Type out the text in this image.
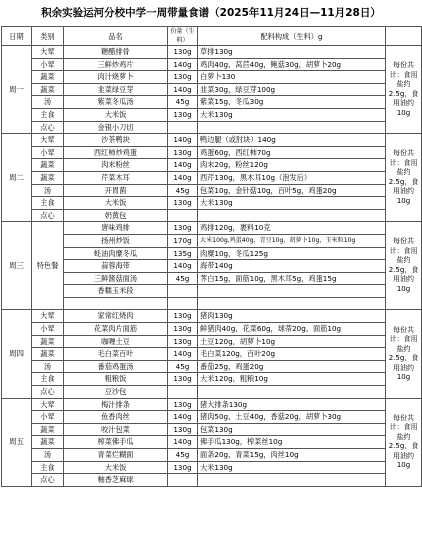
积余实验运河分校中学一周带量食谱（2025年11月24日—11月28日）
日期	类别	品名	份量（生料）	配料构成（生料）g	
周一	大荤	糖醋排骨	130g	草排130g	每份共计：食用盐约2.5g，食用油约10g
	小荤	三鲜炒鸡片	140g	鸡肉40g，莴苣40g，鲍菇30g，胡萝卜20g	
	蔬菜	肉汁烧萝卜	130g	白萝卜130	
	蔬菜	韭菜绿豆芽	140g	韭菜30g，绿豆芽100g	
	汤	紫菜冬瓜汤	45g	紫菜15g，冬瓜30g	
	主食	大米饭	130g	大米130g	
	点心	金银小刀切			
周二	大荤	沙茶鸭块	140g	鸭边腿（或肘块）140g	每份共计：食用盐约2.5g，食用油约10g
	小荤	西红柿炒鸡蛋	130g	鸡蛋60g，西红柿70g	
	蔬菜	肉末粉丝	140g	肉末20g，粉丝120g	
	蔬菜	芹菜木耳	140g	西芹130g，黑木耳10g（泡发后）	
	汤	开胃菌	45g	包菜10g，金针菇10g，百叶5g，鸡蛋20g	
	主食	大米饭	130g	大米130g	
	点心	奶黄包			
周三	特色餐	唐味鸡排	130g	鸡排120g，裹料10克	每份共计：食用盐约2.5g，食用油约10g
		扬州炒饭	170g	大米100g,鸡蛋40g，青豆10g，胡萝卜10g，玉米粒10g	
		蚝油肉糜冬瓜	135g	肉糜10g，冬瓜125g	
		蒜蓉海带	140g	海带140g	
		三鲜酱菇面汤	45g	荠白15g，面筋10g，黑木耳5g，鸡蛋15g	
		香糯玉米段			

周四	大荤	家常红烧肉	130g	猪肉130g	每份共计：食用盐约2.5g，食用油约10g
	小荤	花菜肉片面筋	130g	鲜猪肉40g，花菜60g，球蒂20g，面筋10g	
	蔬菜	咖喱土豆	130g	土豆120g，胡萝卜10g	
	蔬菜	毛白菜百叶	140g	毛白菜120g，百叶20g	
	汤	番茄鸡蛋汤	45g	番茄25g，鸡蛋20g	
	主食	粗粮饭	130g	大米120g，粗粮10g	
	点心	豆沙包			
周五	大荤	梅汁排条	130g	猪大排条130g	每份共计：食用盐约2.5g，食用油约10g
	小荤	鱼香肉丝	140g	猪肉50g，土豆40g，香菇20g，胡萝卜30g	
	蔬菜	咬汁包菜	130g	包菜130g	
	蔬菜	榨菜佛手瓜	140g	佛手瓜130g，榨菜丝10g	
	汤	青菜烂糊面	45g	面条20g，青菜15g，肉丝10g	
	主食	大米饭	130g	大米130g	
	点心	釉香芝麻球			
